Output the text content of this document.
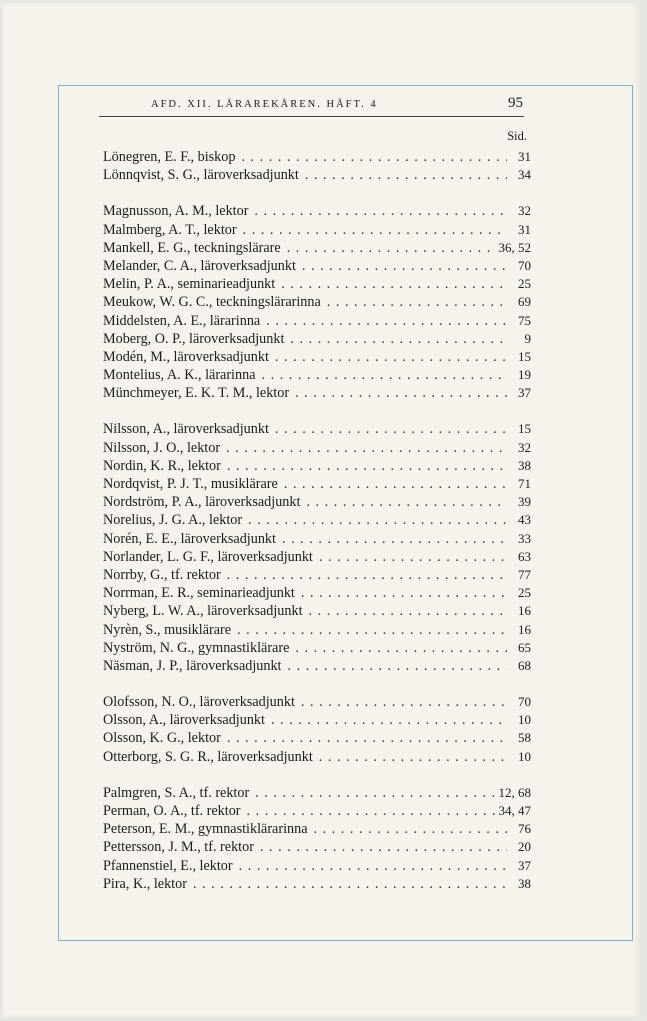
AFD. XII. LÄRAREKÅREN. HÄFT. 4	95
Sid.
Lönegren, E. F., biskop . . .	31
Lönnqvist, S. G., läroverksadjunkt . . .	34
Magnusson, A. M., lektor . . .	32
Malmberg, A. T., lektor . . .	31
Mankell, E. G., teckningslärare . . .	36, 52
Melander, C. A., läroverksadjunkt . . .	70
Melin, P. A., seminarieadjunkt . . .	25
Meukow, W. G. C., teckningslärarinna . . .	69
Middelsten, A. E., lärarinna . . .	75
Moberg, O. P., läroverksadjunkt . . .	9
Modén, M., läroverksadjunkt . . .	15
Montelius, A. K., lärarinna . . .	19
Münchmeyer, E. K. T. M., lektor . . .	37
Nilsson, A., läroverksadjunkt . . .	15
Nilsson, J. O., lektor . . .	32
Nordin, K. R., lektor . . .	38
Nordqvist, P. J. T., musiklärare . . .	71
Nordström, P. A., läroverksadjunkt . . .	39
Norelius, J. G. A., lektor . . .	43
Norén, E. E., läroverksadjunkt . . .	33
Norlander, L. G. F., läroverksadjunkt . . .	63
Norrby, G., tf. rektor . . .	77
Norrman, E. R., seminarieadjunkt . . .	25
Nyberg, L. W. A., läroverksadjunkt . . .	16
Nyrèn, S., musiklärare . . .	16
Nyström, N. G., gymnastiklärare . . .	65
Näsman, J. P., läroverksadjunkt . . .	68
Olofsson, N. O., läroverksadjunkt . . .	70
Olsson, A., läroverksadjunkt . . .	10
Olsson, K. G., lektor . . .	58
Otterborg, S. G. R., läroverksadjunkt . . .	10
Palmgren, S. A., tf. rektor . . .	12, 68
Perman, O. A., tf. rektor . . .	34, 47
Peterson, E. M., gymnastiklärarinna . . .	76
Pettersson, J. M., tf. rektor . . .	20
Pfannenstiel, E., lektor . . .	37
Pira, K., lektor . . .	38
